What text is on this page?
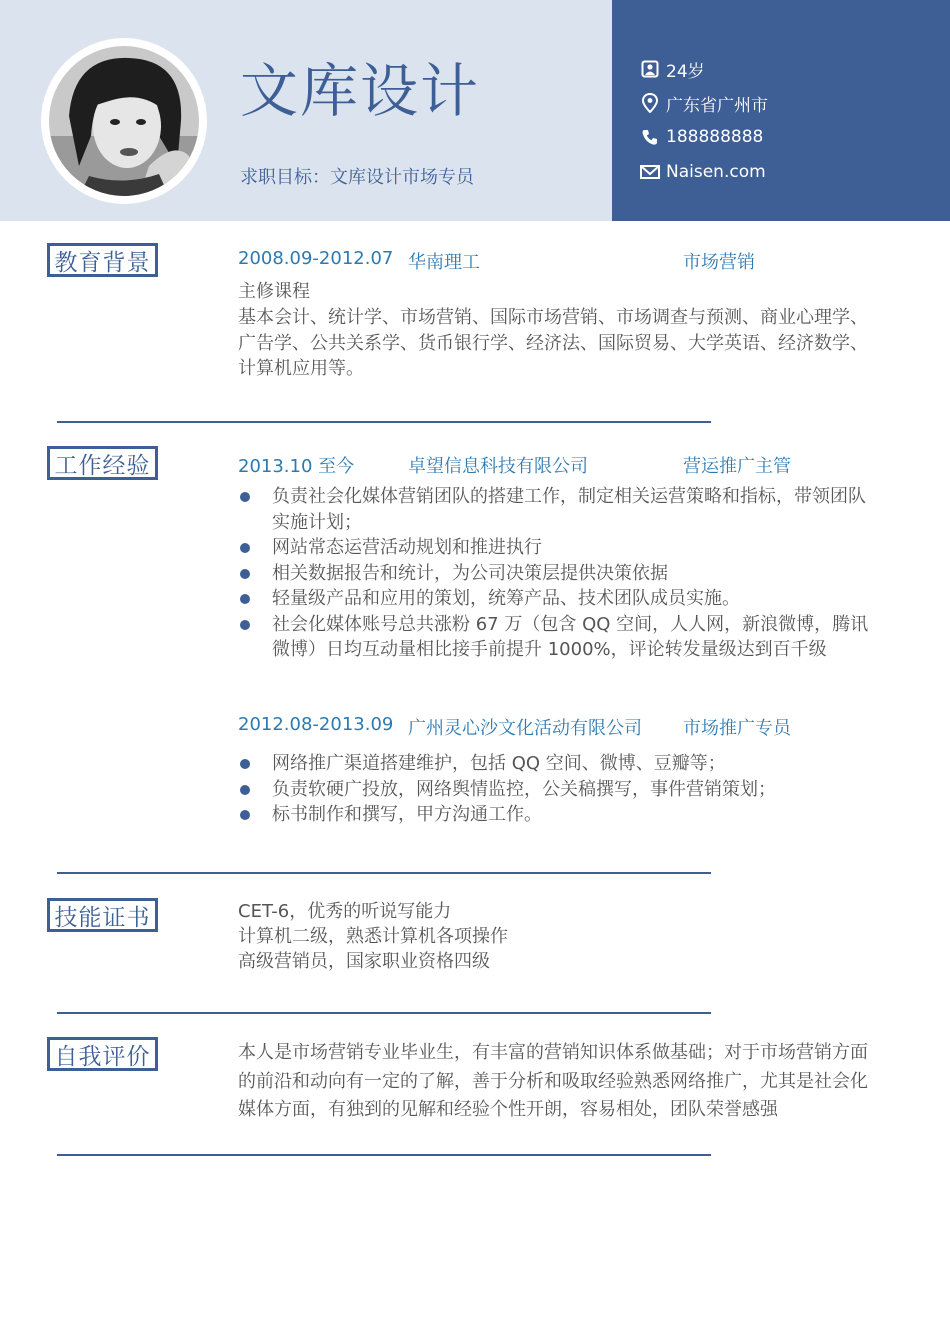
文库设计
求职目标：文库设计市场专员
24岁
广东省广州市
188888888
Naisen.com
教育背景	2008.09-2012.07 华南理工	市场营销
主修课程
基本会计、统计学、市场营销、国际市场营销、市场调查与预测、商业心理学、广告学、公共关系学、货币银行学、经济法、国际贸易、大学英语、经济数学、计算机应用等。
工作经验	2013.10 至今	卓望信息科技有限公司	营运推广主管
负责社会化媒体营销团队的搭建工作，制定相关运营策略和指标，带领团队实施计划；
网站常态运营活动规划和推进执行
相关数据报告和统计，为公司决策层提供决策依据
轻量级产品和应用的策划，统筹产品、技术团队成员实施。
社会化媒体账号总共涨粉 67 万（包含 QQ 空间，人人网，新浪微博，腾讯微博）日均互动量相比接手前提升 1000%，评论转发量级达到百千级
2012.08-2013.09 广州灵心沙文化活动有限公司 市场推广专员
网络推广渠道搭建维护，包括 QQ 空间、微博、豆瓣等；
负责软硬广投放，网络舆情监控，公关稿撰写，事件营销策划；
标书制作和撰写，甲方沟通工作。
技能证书	CET-6，优秀的听说写能力
计算机二级，熟悉计算机各项操作
高级营销员，国家职业资格四级
自我评价	本人是市场营销专业毕业生，有丰富的营销知识体系做基础；对于市场营销方面的前沿和动向有一定的了解，善于分析和吸取经验熟悉网络推广，尤其是社会化媒体方面，有独到的见解和经验个性开朗，容易相处，团队荣誉感强
